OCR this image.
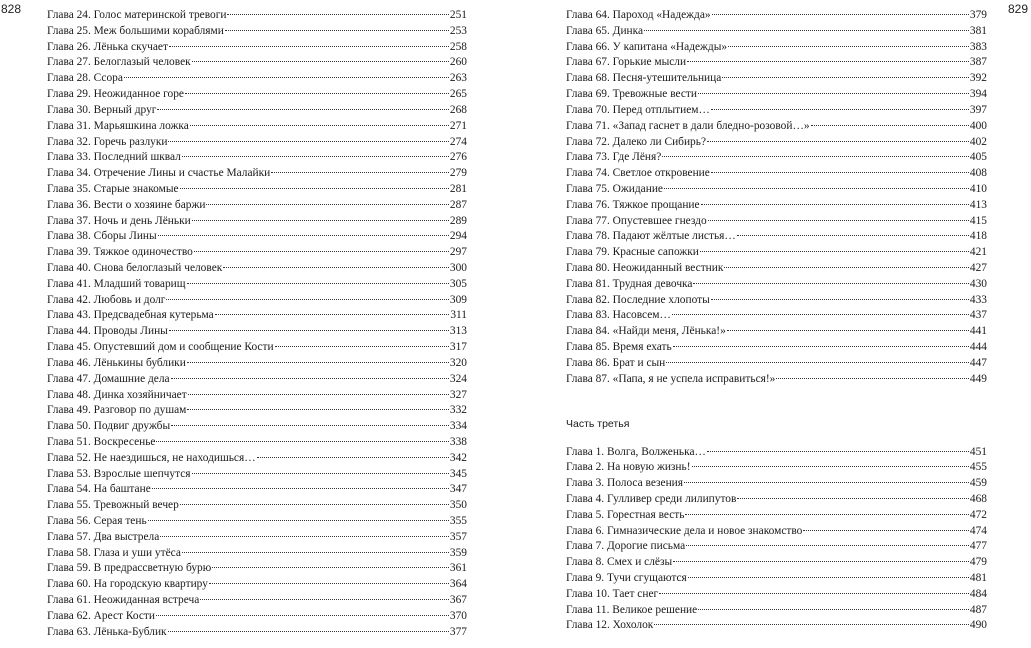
828	829
Глава 24. Голос материнской тревоги	251
Глава 25. Меж большими кораблями	253
Глава 26. Лёнька скучает	258
Глава 27. Белоглазый человек	260
Глава 28. Ссора	263
Глава 29. Неожиданное горе	265
Глава 30. Верный друг	268
Глава 31. Марьяшкина ложка	271
Глава 32. Горечь разлуки	274
Глава 33. Последний шквал	276
Глава 34. Отречение Лины и счастье Малайки	279
Глава 35. Старые знакомые	281
Глава 36. Вести о хозяине баржи	287
Глава 37. Ночь и день Лёньки	289
Глава 38. Сборы Лины	294
Глава 39. Тяжкое одиночество	297
Глава 40. Снова белоглазый человек	300
Глава 41. Младший товарищ	305
Глава 42. Любовь и долг	309
Глава 43. Предсвадебная кутерьма	311
Глава 44. Проводы Лины	313
Глава 45. Опустевший дом и сообщение Кости	317
Глава 46. Лёнькины бублики	320
Глава 47. Домашние дела	324
Глава 48. Динка хозяйничает	327
Глава 49. Разговор по душам	332
Глава 50. Подвиг дружбы	334
Глава 51. Воскресенье	338
Глава 52. Не наездишься, не находишься…	342
Глава 53. Взрослые шепчутся	345
Глава 54. На баштане	347
Глава 55. Тревожный вечер	350
Глава 56. Серая тень	355
Глава 57. Два выстрела	357
Глава 58. Глаза и уши утёса	359
Глава 59. В предрассветную бурю	361
Глава 60. На городскую квартиру	364
Глава 61. Неожиданная встреча	367
Глава 62. Арест Кости	370
Глава 63. Лёнька-Бублик	377
Глава 64. Пароход «Надежда»	379
Глава 65. Динка	381
Глава 66. У капитана «Надежды»	383
Глава 67. Горькие мысли	387
Глава 68. Песня-утешительница	392
Глава 69. Тревожные вести	394
Глава 70. Перед отплытием…	397
Глава 71. «Запад гаснет в дали бледно-розовой…»	400
Глава 72. Далеко ли Сибирь?	402
Глава 73. Где Лёня?	405
Глава 74. Светлое откровение	408
Глава 75. Ожидание	410
Глава 76. Тяжкое прощание	413
Глава 77. Опустевшее гнездо	415
Глава 78. Падают жёлтые листья…	418
Глава 79. Красные сапожки	421
Глава 80. Неожиданный вестник	427
Глава 81. Трудная девочка	430
Глава 82. Последние хлопоты	433
Глава 83. Насовсем…	437
Глава 84. «Найди меня, Лёнька!»	441
Глава 85. Время ехать	444
Глава 86. Брат и сын	447
Глава 87. «Папа, я не успела исправиться!»	449
Часть третья
Глава 1. Волга, Волженька…	451
Глава 2. На новую жизнь!	455
Глава 3. Полоса везения	459
Глава 4. Гулливер среди лилипутов	468
Глава 5. Горестная весть	472
Глава 6. Гимназические дела и новое знакомство	474
Глава 7. Дорогие письма	477
Глава 8. Смех и слёзы	479
Глава 9. Тучи сгущаются	481
Глава 10. Тает снег	484
Глава 11. Великое решение	487
Глава 12. Хохолок	490
